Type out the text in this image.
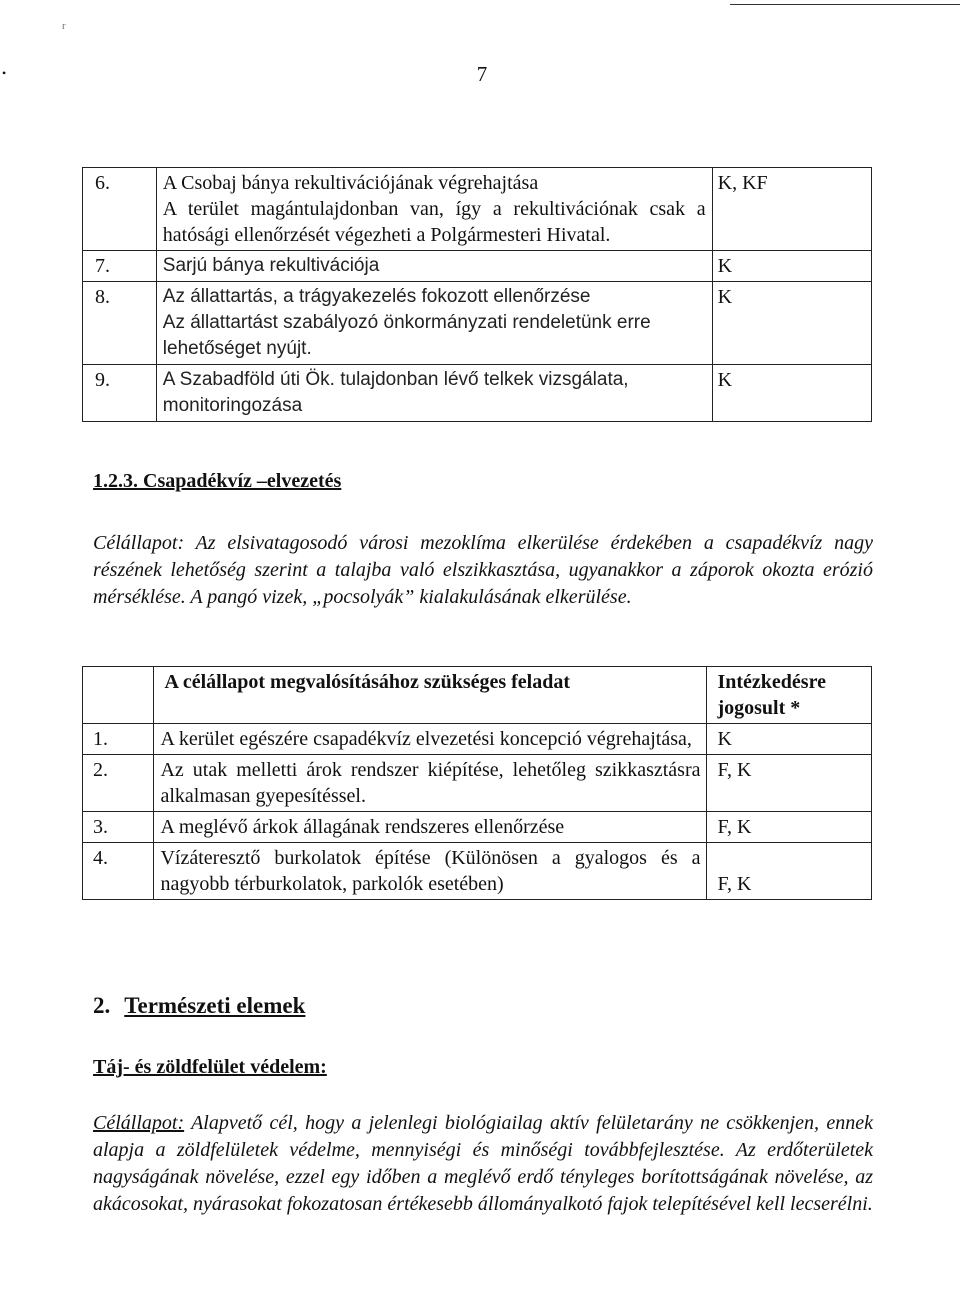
r
•	7
6.	A Csobaj bánya rekultivációjának végrehajtása
A terület magántulajdonban van, így a rekultivációnak csak a hatósági ellenőrzését végezheti a Polgármesteri Hivatal.	K, KF
7.	Sarjú bánya rekultivációja	K
8.	Az állattartás, a trágyakezelés fokozott ellenőrzése
Az állattartást szabályozó önkormányzati rendeletünk erre lehetőséget nyújt.	K
9.	A Szabadföld úti Ök. tulajdonban lévő telkek vizsgálata, monitoringozása	K
1.2.3. Csapadékvíz –elvezetés

Célállapot: Az elsivatagosodó városi mezoklíma elkerülése érdekében a csapadékvíz nagy részének lehetőség szerint a talajba való elszikkasztása, ugyanakkor a záporok okozta erózió mérséklése. A pangó vizek, „pocsolyák” kialakulásának elkerülése.

	A célállapot megvalósításához szükséges feladat	Intézkedésre jogosult *
1.	A kerület egészére csapadékvíz elvezetési koncepció végrehajtása,	K
2.	Az utak melletti árok rendszer kiépítése, lehetőleg szikkasztásra alkalmasan gyepesítéssel.	F, K
3.	A meglévő árkok állagának rendszeres ellenőrzése	F, K
4.	Vízáteresztő burkolatok építése (Különösen a gyalogos és a nagyobb térburkolatok, parkolók esetében)	F, K
2. Természeti elemek
Táj- és zöldfelület védelem:

Célállapot: Alapvető cél, hogy a jelenlegi biológiailag aktív felületarány ne csökkenjen, ennek alapja a zöldfelületek védelme, mennyiségi és minőségi továbbfejlesztése. Az erdőterületek nagyságának növelése, ezzel egy időben a meglévő erdő tényleges borítottságának növelése, az akácosokat, nyárasokat fokozatosan értékesebb állományalkotó fajok telepítésével kell lecserélni.
